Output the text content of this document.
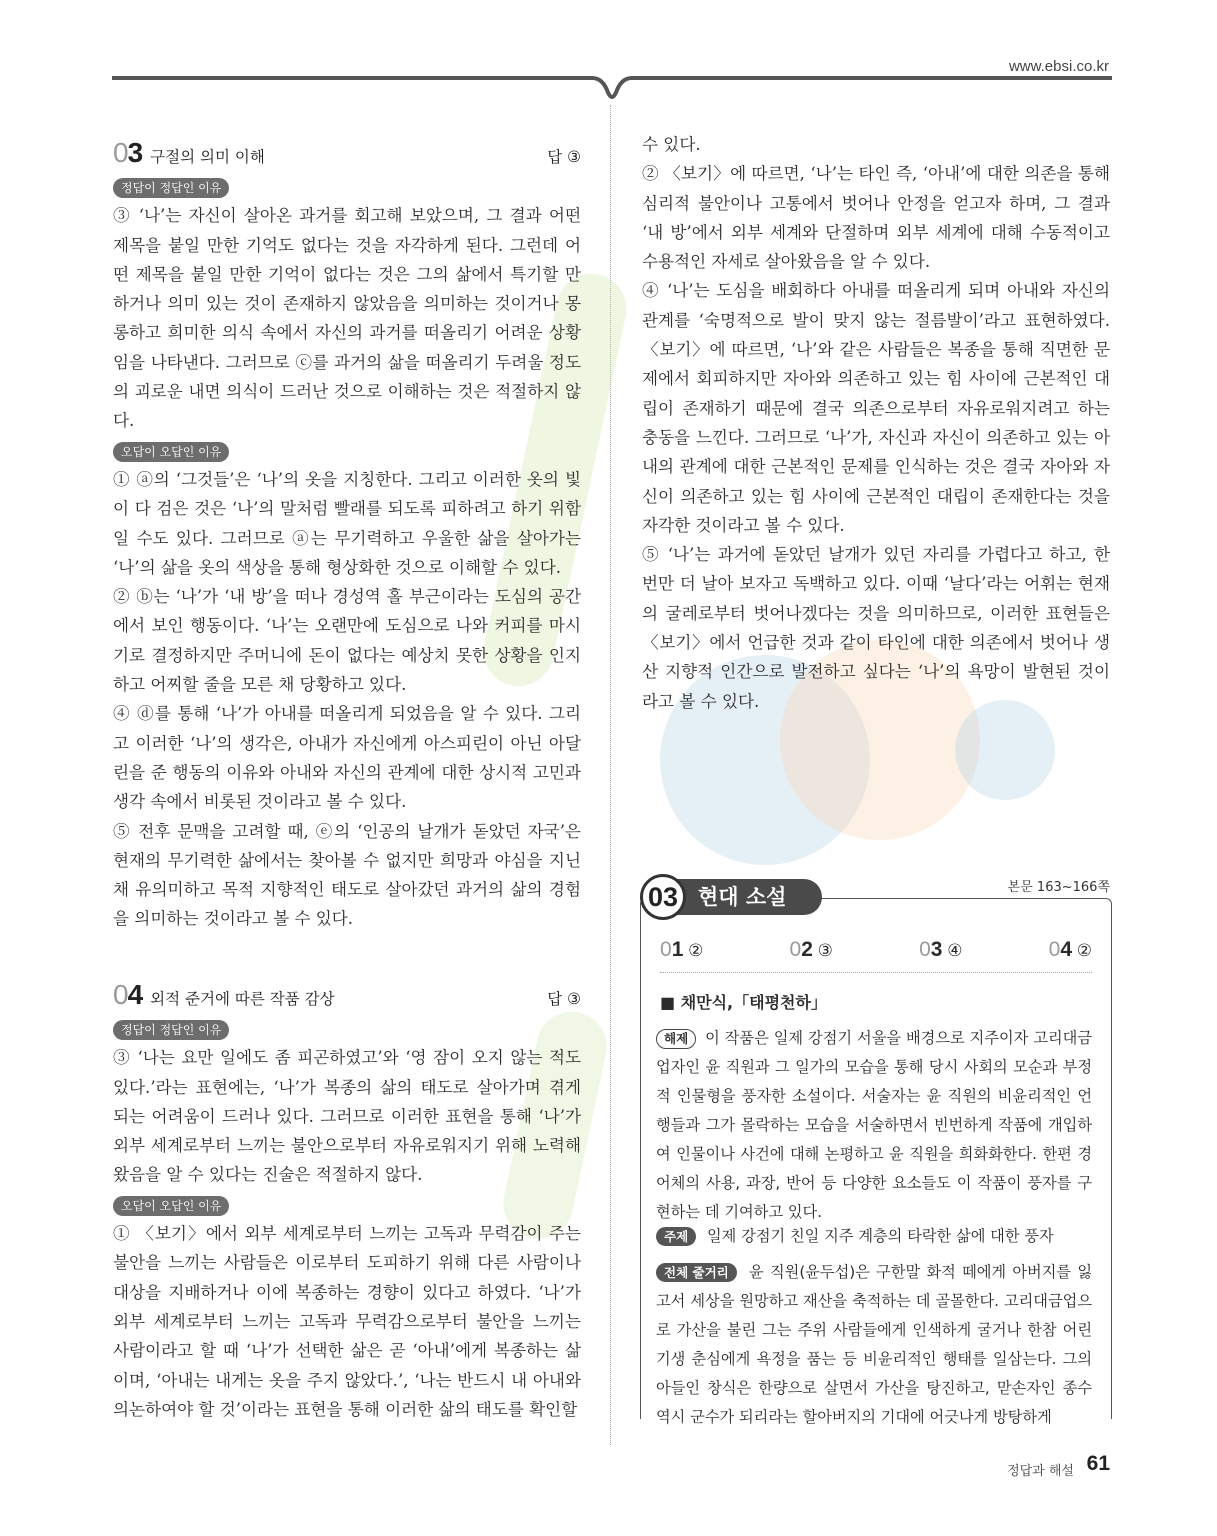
www.ebsi.co.kr
03 구절의 의미 이해	답 ③
정답이 정답인 이유

③ ‘나’는 자신이 살아온 과거를 회고해 보았으며, 그 결과 어떤 제목을 붙일 만한 기억도 없다는 것을 자각하게 된다. 그런데 어떤 제목을 붙일 만한 기억이 없다는 것은 그의 삶에서 특기할 만하거나 의미 있는 것이 존재하지 않았음을 의미하는 것이거나 몽롱하고 희미한 의식 속에서 자신의 과거를 떠올리기 어려운 상황임을 나타낸다. 그러므로 ⓒ를 과거의 삶을 떠올리기 두려울 정도의 괴로운 내면 의식이 드러난 것으로 이해하는 것은 적절하지 않다.

오답이 오답인 이유

① ⓐ의 ‘그것들’은 ‘나’의 옷을 지칭한다. 그리고 이러한 옷의 빛이 다 검은 것은 ‘나’의 말처럼 빨래를 되도록 피하려고 하기 위함일 수도 있다. 그러므로 ⓐ는 무기력하고 우울한 삶을 살아가는 ‘나’의 삶을 옷의 색상을 통해 형상화한 것으로 이해할 수 있다.

② ⓑ는 ‘나’가 ‘내 방’을 떠나 경성역 홀 부근이라는 도심의 공간에서 보인 행동이다. ‘나’는 오랜만에 도심으로 나와 커피를 마시기로 결정하지만 주머니에 돈이 없다는 예상치 못한 상황을 인지하고 어찌할 줄을 모른 채 당황하고 있다.

④ ⓓ를 통해 ‘나’가 아내를 떠올리게 되었음을 알 수 있다. 그리고 이러한 ‘나’의 생각은, 아내가 자신에게 아스피린이 아닌 아달린을 준 행동의 이유와 아내와 자신의 관계에 대한 상시적 고민과 생각 속에서 비롯된 것이라고 볼 수 있다.

⑤ 전후 문맥을 고려할 때, ⓔ의 ‘인공의 날개가 돋았던 자국’은 현재의 무기력한 삶에서는 찾아볼 수 없지만 희망과 야심을 지닌 채 유의미하고 목적 지향적인 태도로 살아갔던 과거의 삶의 경험을 의미하는 것이라고 볼 수 있다.

04 외적 준거에 따른 작품 감상	답 ③
정답이 정답인 이유

③ ‘나는 요만 일에도 좀 피곤하였고’와 ‘영 잠이 오지 않는 적도 있다.’라는 표현에는, ‘나’가 복종의 삶의 태도로 살아가며 겪게 되는 어려움이 드러나 있다. 그러므로 이러한 표현을 통해 ‘나’가 외부 세계로부터 느끼는 불안으로부터 자유로워지기 위해 노력해 왔음을 알 수 있다는 진술은 적절하지 않다.

오답이 오답인 이유

① 〈보기〉에서 외부 세계로부터 느끼는 고독과 무력감이 주는 불안을 느끼는 사람들은 이로부터 도피하기 위해 다른 사람이나 대상을 지배하거나 이에 복종하는 경향이 있다고 하였다. ‘나’가 외부 세계로부터 느끼는 고독과 무력감으로부터 불안을 느끼는 사람이라고 할 때 ‘나’가 선택한 삶은 곧 ‘아내’에게 복종하는 삶이며, ‘아내는 내게는 옷을 주지 않았다.’, ‘나는 반드시 내 아내와 의논하여야 할 것’이라는 표현을 통해 이러한 삶의 태도를 확인할

수 있다.

② 〈보기〉에 따르면, ‘나’는 타인 즉, ‘아내’에 대한 의존을 통해 심리적 불안이나 고통에서 벗어나 안정을 얻고자 하며, 그 결과 ‘내 방’에서 외부 세계와 단절하며 외부 세계에 대해 수동적이고 수용적인 자세로 살아왔음을 알 수 있다.

④ ‘나’는 도심을 배회하다 아내를 떠올리게 되며 아내와 자신의 관계를 ‘숙명적으로 발이 맞지 않는 절름발이’라고 표현하였다. 〈보기〉에 따르면, ‘나’와 같은 사람들은 복종을 통해 직면한 문제에서 회피하지만 자아와 의존하고 있는 힘 사이에 근본적인 대립이 존재하기 때문에 결국 의존으로부터 자유로워지려고 하는 충동을 느낀다. 그러므로 ‘나’가, 자신과 자신이 의존하고 있는 아내의 관계에 대한 근본적인 문제를 인식하는 것은 결국 자아와 자신이 의존하고 있는 힘 사이에 근본적인 대립이 존재한다는 것을 자각한 것이라고 볼 수 있다.

⑤ ‘나’는 과거에 돋았던 날개가 있던 자리를 가렵다고 하고, 한 번만 더 날아 보자고 독백하고 있다. 이때 ‘날다’라는 어휘는 현재의 굴레로부터 벗어나겠다는 것을 의미하므로, 이러한 표현들은 〈보기〉에서 언급한 것과 같이 타인에 대한 의존에서 벗어나 생산 지향적 인간으로 발전하고 싶다는 ‘나’의 욕망이 발현된 것이라고 볼 수 있다.

03 현대 소설	본문 163~166쪽
01 ②	02 ③	03 ④	04 ②
■ 채만식,「태평천하」

해제 이 작품은 일제 강점기 서울을 배경으로 지주이자 고리대금업자인 윤 직원과 그 일가의 모습을 통해 당시 사회의 모순과 부정적 인물형을 풍자한 소설이다. 서술자는 윤 직원의 비윤리적인 언행들과 그가 몰락하는 모습을 서술하면서 빈번하게 작품에 개입하여 인물이나 사건에 대해 논평하고 윤 직원을 희화화한다. 한편 경어체의 사용, 과장, 반어 등 다양한 요소들도 이 작품이 풍자를 구현하는 데 기여하고 있다.

주제 일제 강점기 친일 지주 계층의 타락한 삶에 대한 풍자

전체 줄거리 윤 직원(윤두섭)은 구한말 화적 떼에게 아버지를 잃고서 세상을 원망하고 재산을 축적하는 데 골몰한다. 고리대금업으로 가산을 불린 그는 주위 사람들에게 인색하게 굴거나 한참 어린 기생 춘심에게 욕정을 품는 등 비윤리적인 행태를 일삼는다. 그의 아들인 창식은 한량으로 살면서 가산을 탕진하고, 맏손자인 종수 역시 군수가 되리라는 할아버지의 기대에 어긋나게 방탕하게

정답과 해설 61
